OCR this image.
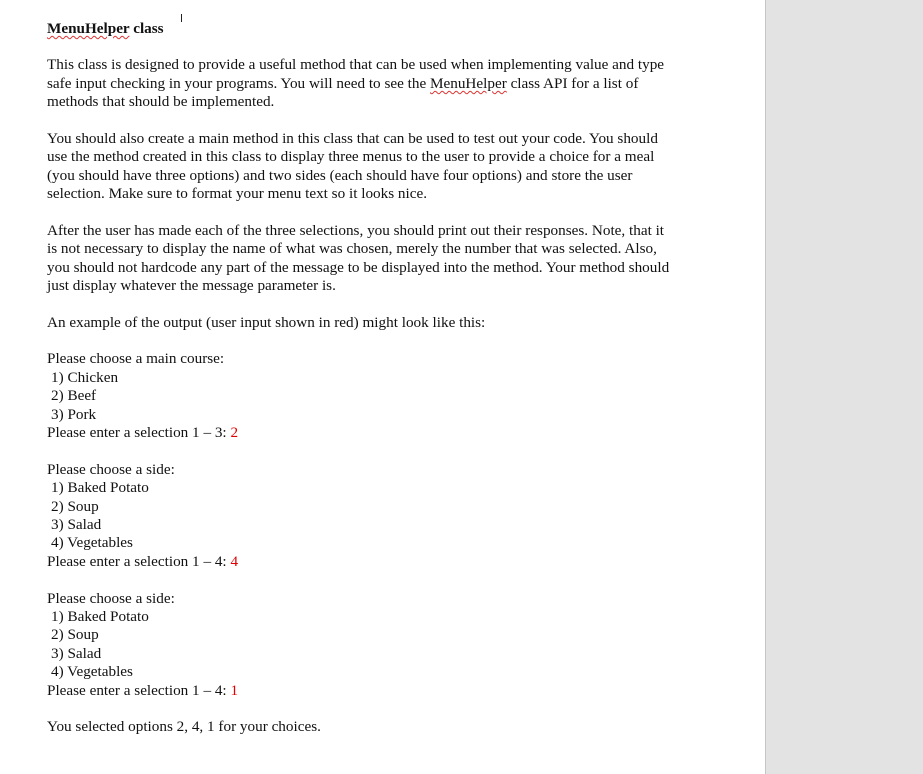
MenuHelper class

This class is designed to provide a useful method that can be used when implementing value and type safe input checking in your programs. You will need to see the MenuHelper class API for a list of methods that should be implemented.

You should also create a main method in this class that can be used to test out your code. You should use the method created in this class to display three menus to the user to provide a choice for a meal (you should have three options) and two sides (each should have four options) and store the user selection. Make sure to format your menu text so it looks nice.

After the user has made each of the three selections, you should print out their responses. Note, that it is not necessary to display the name of what was chosen, merely the number that was selected. Also, you should not hardcode any part of the message to be displayed into the method. Your method should just display whatever the message parameter is.

An example of the output (user input shown in red) might look like this:

Please choose a main course:
1) Chicken
2) Beef
3) Pork
Please enter a selection 1 – 3: 2
Please choose a side:
1) Baked Potato
2) Soup
3) Salad
4) Vegetables
Please enter a selection 1 – 4: 4
Please choose a side:
1) Baked Potato
2) Soup
3) Salad
4) Vegetables
Please enter a selection 1 – 4: 1

You selected options 2, 4, 1 for your choices.
